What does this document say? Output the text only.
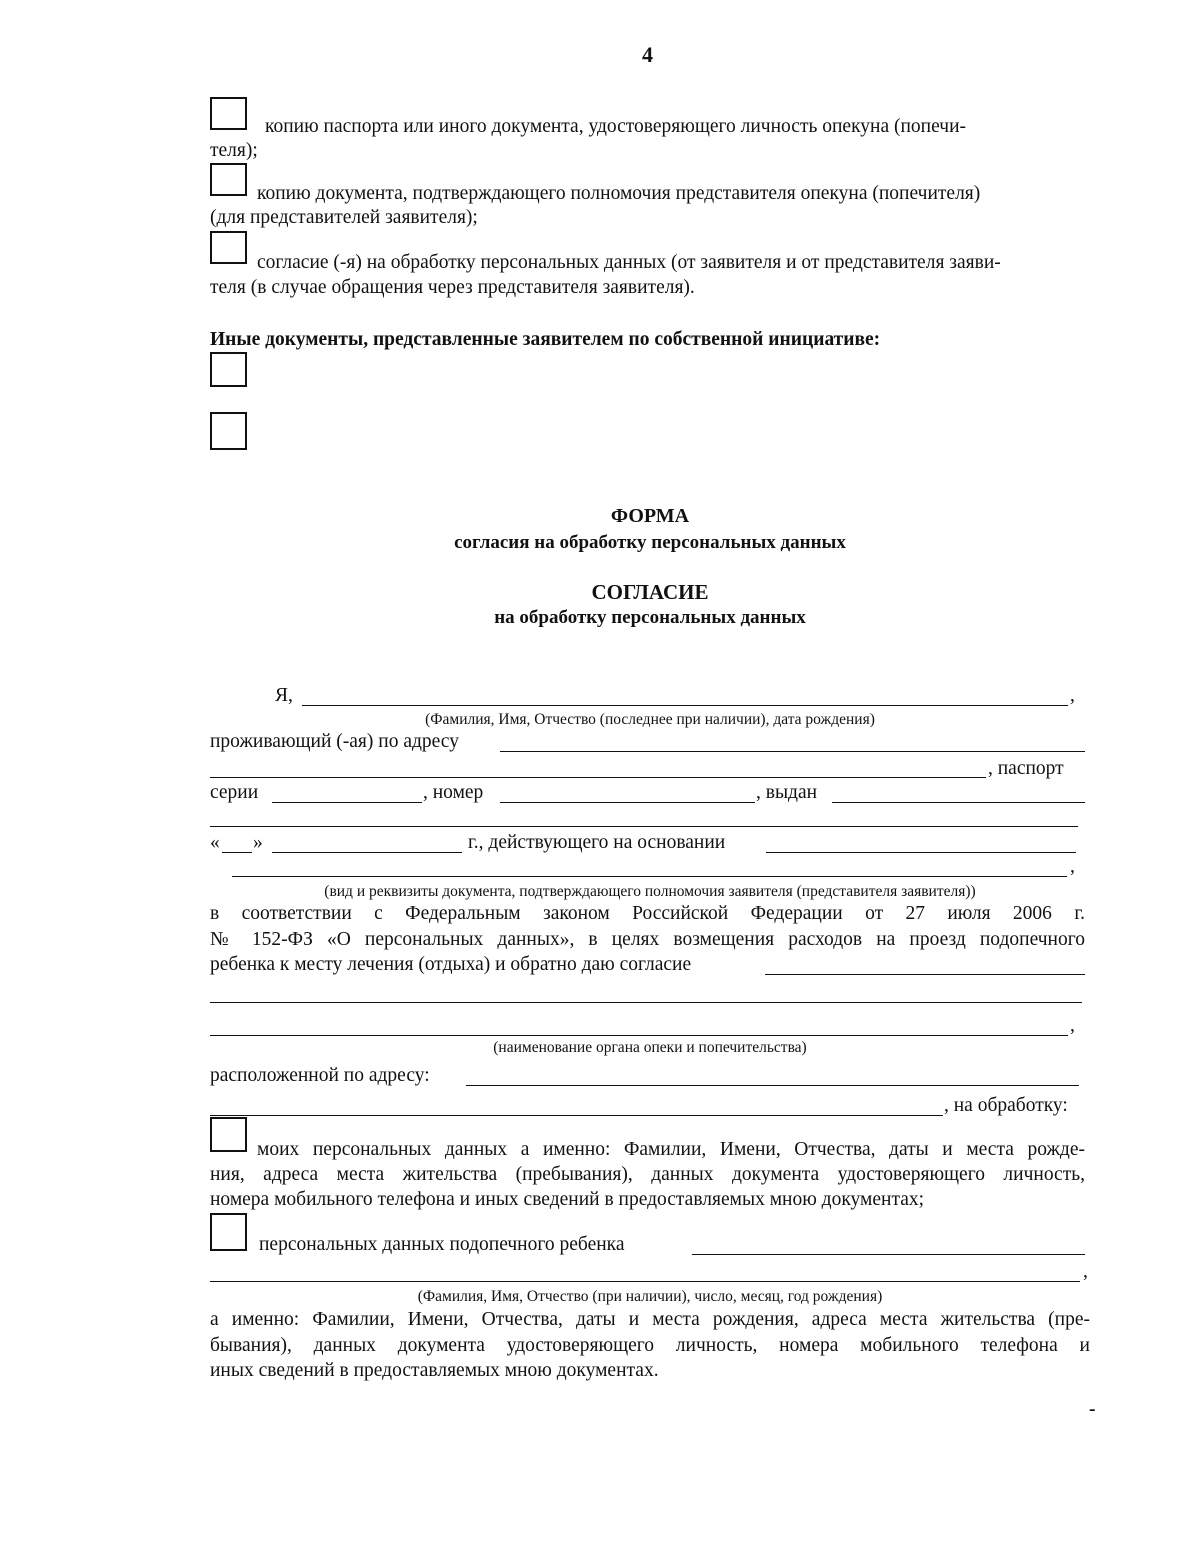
4
копию паспорта или иного документа, удостоверяющего личность опекуна (попечи-
теля);
копию документа, подтверждающего полномочия представителя опекуна (попечителя)
(для представителей заявителя);
согласие (-я) на обработку персональных данных (от заявителя и от представителя заяви-
теля (в случае обращения через представителя заявителя).
Иные документы, представленные заявителем по собственной инициативе:
ФОРМА
согласия на обработку персональных данных
СОГЛАСИЕ
на обработку персональных данных
Я,	,
(Фамилия, Имя, Отчество (последнее при наличии), дата рождения)
проживающий (-ая) по адресу
, паспорт
серии	, номер	, выдан
« »	г., действующего на основании
,
(вид и реквизиты документа, подтверждающего полномочия заявителя (представителя заявителя))
в соответствии с Федеральным законом Российской Федерации от 27 июля 2006 г.
№ 152-ФЗ «О персональных данных», в целях возмещения расходов на проезд подопечного
ребенка к месту лечения (отдыха) и обратно даю согласие
,
(наименование органа опеки и попечительства)
расположенной по адресу:
, на обработку:
моих персональных данных а именно: Фамилии, Имени, Отчества, даты и места рожде-
ния, адреса места жительства (пребывания), данных документа удостоверяющего личность,
номера мобильного телефона и иных сведений в предоставляемых мною документах;
персональных данных подопечного ребенка
,
(Фамилия, Имя, Отчество (при наличии), число, месяц, год рождения)
а именно: Фамилии, Имени, Отчества, даты и места рождения, адреса места жительства (пре-
бывания), данных документа удостоверяющего личность, номера мобильного телефона и
иных сведений в предоставляемых мною документах.
-
